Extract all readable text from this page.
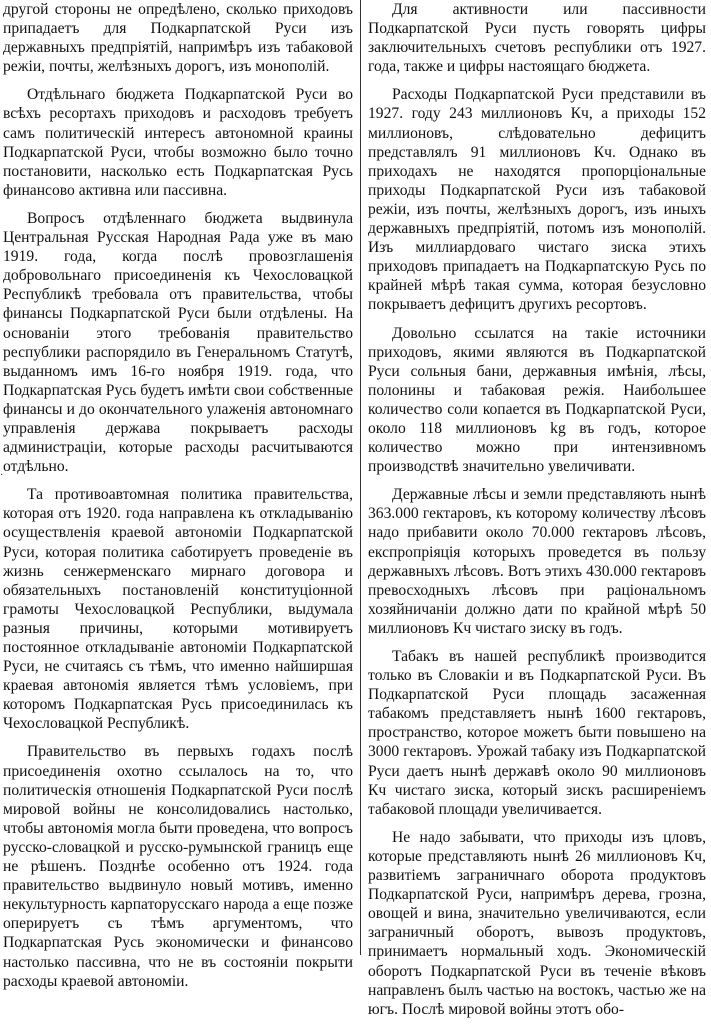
другой стороны не опредѣлено, сколько приходовъ припадаетъ для Подкарпатской Руси изъ державныхъ предпріятій, напримѣръ изъ табаковой режіи, почты, желѣзныхъ дорогъ, изъ монополій.

Отдѣльнаго бюджета Подкарпатской Руси во всѣхъ ресортахъ приходовъ и расходовъ требуетъ самъ политическій интересъ автономной краины Подкарпатской Руси, чтобы возможно было точно постановити, насколько есть Подкарпатская Русь финансово активна или пассивна.

Вопросъ отдѣленнаго бюджета выдвинула Центральная Русская Народная Рада уже въ маю 1919. года, когда послѣ провозглашенія добровольнаго присоединенія къ Чехословацкой Республикѣ требовала отъ правительства, чтобы финансы Подкарпатской Руси были отдѣлены. На основаніи этого требованія правительство республики распорядило въ Генеральномъ Статутѣ, выданномъ имъ 16-го ноября 1919. года, что Подкарпатская Русь будетъ имѣти свои собственные финансы и до окончательного улаженія автономнаго управленія держава покрываетъ расходы администраціи, которые расходы расчитываются отдѣльно.

Та противоавтомная политика правительства, которая отъ 1920. года направлена къ откладыванію осуществленія краевой автономіи Подкарпатской Руси, которая политика саботируетъ проведеніе въ жизнь сенжерменскаго мирнаго договора и обязательныхъ постановленій конституціонной грамоты Чехословацкой Республики, выдумала разныя причины, которыми мотивируетъ постоянное откладываніе автономіи Подкарпатской Руси, не считаясь съ тѣмъ, что именно найширшая краевая автономія является тѣмъ условіемъ, при которомъ Подкарпатская Русь присоединилась къ Чехословацкой Республикѣ.

Правительство въ первыхъ годахъ послѣ присоединенія охотно ссылалось на то, что политическія отношенія Подкарпатской Руси послѣ мировой войны не консолидовались настолько, чтобы автономія могла быти проведена, что вопросъ русско-словацкой и русско-румынской границъ еще не рѣшенъ. Позднѣе особенно отъ 1924. года правительство выдвинуло новый мотивъ, именно некультурность карпаторусскаго народа а еще позже оперируетъ съ тѣмъ аргументомъ, что Подкарпатская Русь экономически и финансово настолько пассивна, что не въ состояніи покрыти расходы краевой автономіи.

Для активности или пассивности Подкарпатской Руси пусть говорять цифры заключительныхъ счетовъ республики отъ 1927. года, также и цифры настоящаго бюджета.

Расходы Подкарпатской Руси представили въ 1927. году 243 миллионовъ Кч, а приходы 152 миллионовъ, слѣдовательно дефицитъ представлялъ 91 миллионовъ Кч. Однако въ приходахъ не находятся пропорціональные приходы Подкарпатской Руси изъ табаковой режіи, изъ почты, желѣзныхъ дорогъ, изъ иныхъ державныхъ предпріятій, потомъ изъ монополій. Изъ миллиардоваго чистаго зиска этихъ приходовъ припадаетъ на Подкарпатскую Русь по крайней мѣрѣ такая сумма, которая безусловно покрываетъ дефицитъ другихъ ресортовъ.

Довольно ссылатся на такіе источники приходовъ, якими являются въ Подкарпатской Руси сольныя бани, державныя имѣнія, лѣсы, полонины и табаковая режія. Наибольшее количество соли копается въ Подкарпатской Руси, около 118 миллионовъ kg въ годъ, которое количество можно при интензивномъ производствѣ значительно увеличивати.

Державные лѣсы и земли представляють нынѣ 363.000 гектаровъ, къ которому количеству лѣсовъ надо прибавити около 70.000 гектаровъ лѣсовъ, експропріяція которыхъ проведется въ пользу державныхъ лѣсовъ. Вотъ этихъ 430.000 гектаровъ превосходныхъ лѣсовъ при раціональномъ хозяйничаніи должно дати по крайной мѣрѣ 50 миллионовъ Кч чистаго зиску въ годъ.

Табакъ въ нашей республикѣ производится только въ Словакіи и въ Подкарпатской Руси. Въ Подкарпатской Руси площадь засаженная табакомъ представляетъ нынѣ 1600 гектаровъ, пространство, которое можетъ быти повышено на 3000 гектаровъ. Урожай табаку изъ Подкарпатской Руси даетъ нынѣ державѣ около 90 миллионовъ Кч чистаго зиска, который зискъ расширеніемъ табаковой площади увеличивается.

Не надо забывати, что приходы изъ цловъ, которые представляють нынѣ 26 миллионовъ Кч, развитіемъ заграничнаго оборота продуктовъ Подкарпатской Руси, напримѣръ дерева, грозна, овощей и вина, значительно увеличиваются, если заграничный оборотъ, вывозъ продуктовъ, принимаетъ нормальный ходъ. Экономическій оборотъ Подкарпатской Руси въ теченіе вѣковъ направленъ былъ частью на востокъ, частью же на югъ. Послѣ мировой войны этотъ обо-

·
